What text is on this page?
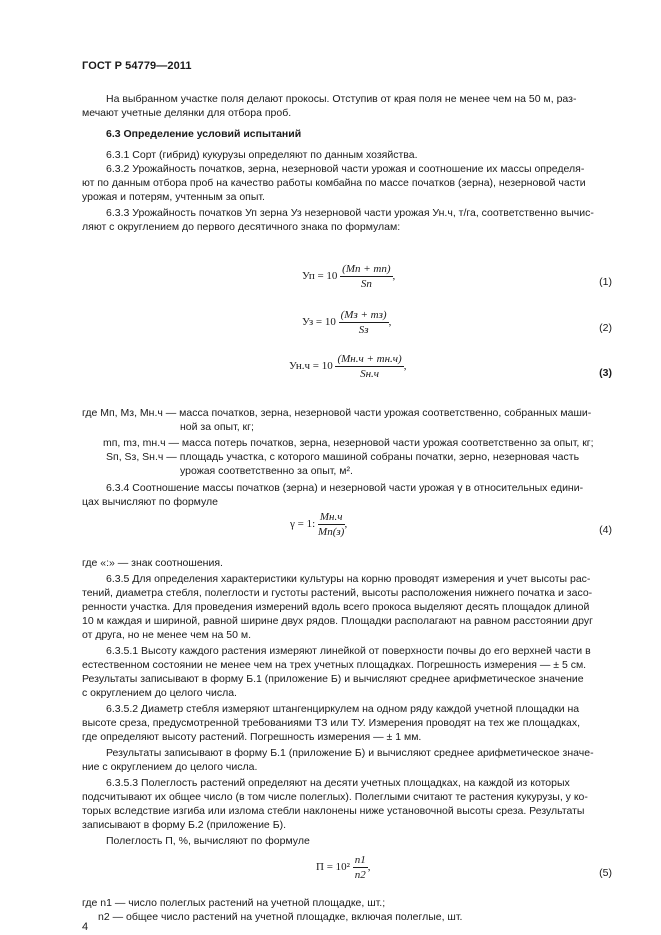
ГОСТ Р 54779—2011
На выбранном участке поля делают прокосы. Отступив от края поля не менее чем на 50 м, раз-
мечают учетные делянки для отбора проб.
6.3 Определение условий испытаний
6.3.1 Сорт (гибрид) кукурузы определяют по данным хозяйства.
6.3.2 Урожайность початков, зерна, незерновой части урожая и соотношение их массы определя-
ют по данным отбора проб на качество работы комбайна по массе початков (зерна), незерновой части
урожая и потерям, учтенным за опыт.
6.3.3 Урожайность початков Уп зерна Уз незерновой части урожая Ун.ч, т/га, соответственно вычис-
ляют с округлением до первого десятичного знака по формулам:
Уп = $10 \frac{(Мп + mп)}{Sп}$ ,	(1)
Уз = $10 \frac{(Мз + mз)}{Sз}$ ,	(2)
$Ун.ч = 10 \frac{(Мн.ч + mн.ч)}{Sн.ч}$ ,
(3)
где Мп, Мз, Мн.ч — масса початков, зерна, незерновой части урожая соответственно, собранных маши-
ной за опыт, кг;
mп, mз, mн.ч — масса потерь початков, зерна, незерновой части урожая соответственно за опыт, кг;
Sп, Sз, Sн.ч — площадь участка, с которого машиной собраны початки, зерно, незерновая часть
урожая соответственно за опыт, м².
6.3.4 Соотношение массы початков (зерна) и незерновой части урожая γ в относительных едини-
цах вычисляют по формуле
γ = 1: $\frac{Мн.ч}{Мп(з)}$ ,	(4)
где «:» — знак соотношения.
6.3.5 Для определения характеристики культуры на корню проводят измерения и учет высоты рас-
тений, диаметра стебля, полеглости и густоты растений, высоты расположения нижнего початка и засо-
ренности участка. Для проведения измерений вдоль всего прокоса выделяют десять площадок длиной
10 м каждая и шириной, равной ширине двух рядов. Площадки располагают на равном расстоянии друг
от друга, но не менее чем на 50 м.
6.3.5.1 Высоту каждого растения измеряют линейкой от поверхности почвы до его верхней части в
естественном состоянии не менее чем на трех учетных площадках. Погрешность измерения — ± 5 см.
Результаты записывают в форму Б.1 (приложение Б) и вычисляют среднее арифметическое значение
с округлением до целого числа.
6.3.5.2 Диаметр стебля измеряют штангенциркулем на одном ряду каждой учетной площадки на
высоте среза, предусмотренной требованиями ТЗ или ТУ. Измерения проводят на тех же площадках,
где определяют высоту растений. Погрешность измерения — ± 1 мм.
Результаты записывают в форму Б.1 (приложение Б) и вычисляют среднее арифметическое значе-
ние с округлением до целого числа.
6.3.5.3 Полеглость растений определяют на десяти учетных площадках, на каждой из которых
подсчитывают их общее число (в том числе полеглых). Полеглыми считают те растения кукурузы, у ко-
торых вследствие изгиба или излома стебли наклонены ниже установочной высоты среза. Результаты
записывают в форму Б.2 (приложение Б).
Полеглость П, %, вычисляют по формуле
$П = 10^2 \frac{n1}{n2}$ ,	(5)
где n1 — число полеглых растений на учетной площадке, шт.;
n2 — общее число растений на учетной площадке, включая полеглые, шт.
4
